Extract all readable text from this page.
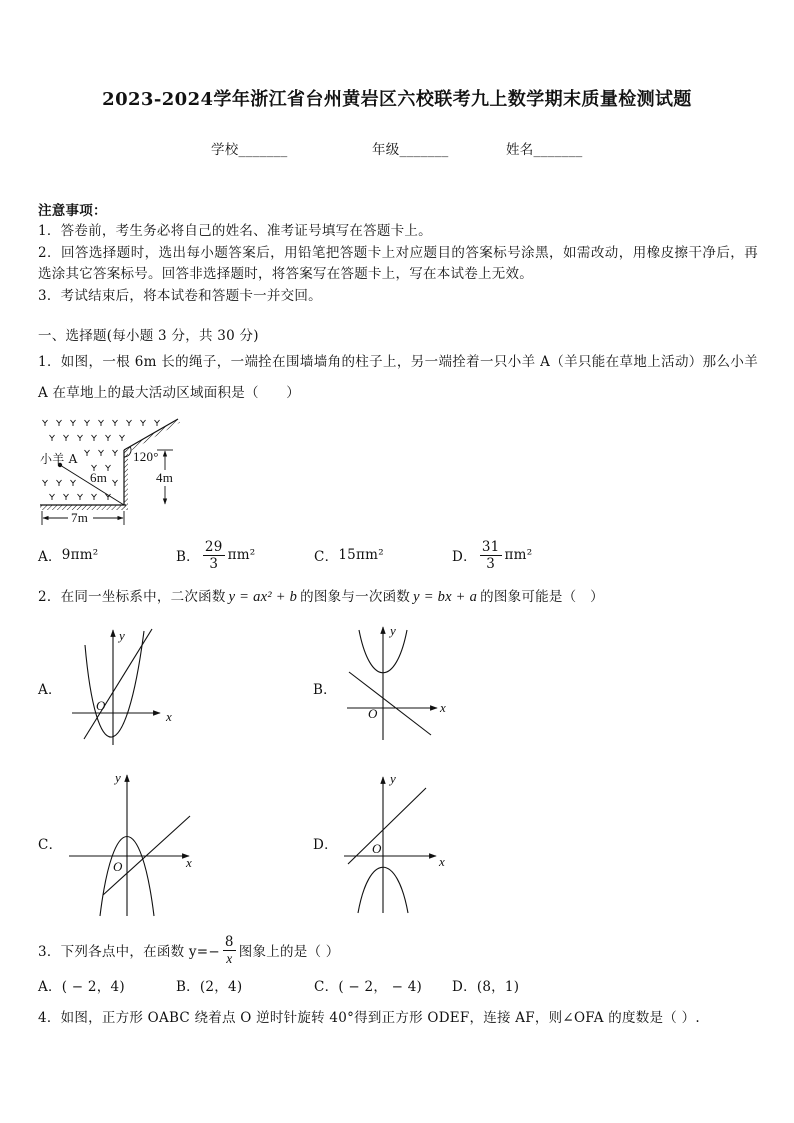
2023-2024学年浙江省台州黄岩区六校联考九上数学期末质量检测试题
学校_______	年级_______	姓名_______
注意事项：
1．答卷前，考生务必将自己的姓名、准考证号填写在答题卡上。
2．回答选择题时，选出每小题答案后，用铅笔把答题卡上对应题目的答案标号涂黑，如需改动，用橡皮擦干净后，再选涂其它答案标号。回答非选择题时，将答案写在答题卡上，写在本试卷上无效。
3．考试结束后，将本试卷和答题卡一并交回。
一、选择题(每小题 3 分，共 30 分)
1．如图，一根 6m 长的绳子，一端拴在围墙墙角的柱子上，另一端拴着一只小羊 A（羊只能在草地上活动）那么小羊 A 在草地上的最大活动区域面积是（　　）
小羊 A
6m
120°
4m
7m
A． 9πm²	B． $\frac{29}{3} \pi m^2$	C． 15πm²	D． $\frac{31}{3} \pi m^2$
2．在同一坐标系中，二次函数 y = ax² + b 的图象与一次函数 y = bx + a 的图象可能是（　）
A．
y
x
O
B．
y
x
O
C．
y
x
O
D．
y
x
O
3．下列各点中，在函数 $y=- \frac{8}{x}$ 图象上的是（ ）
A．( − 2，4)	B．(2，4)	C．( − 2， − 4) D．(8，1)
4．如图，正方形 OABC 绕着点 O 逆时针旋转 40°得到正方形 ODEF，连接 AF，则∠OFA 的度数是（ ）.
